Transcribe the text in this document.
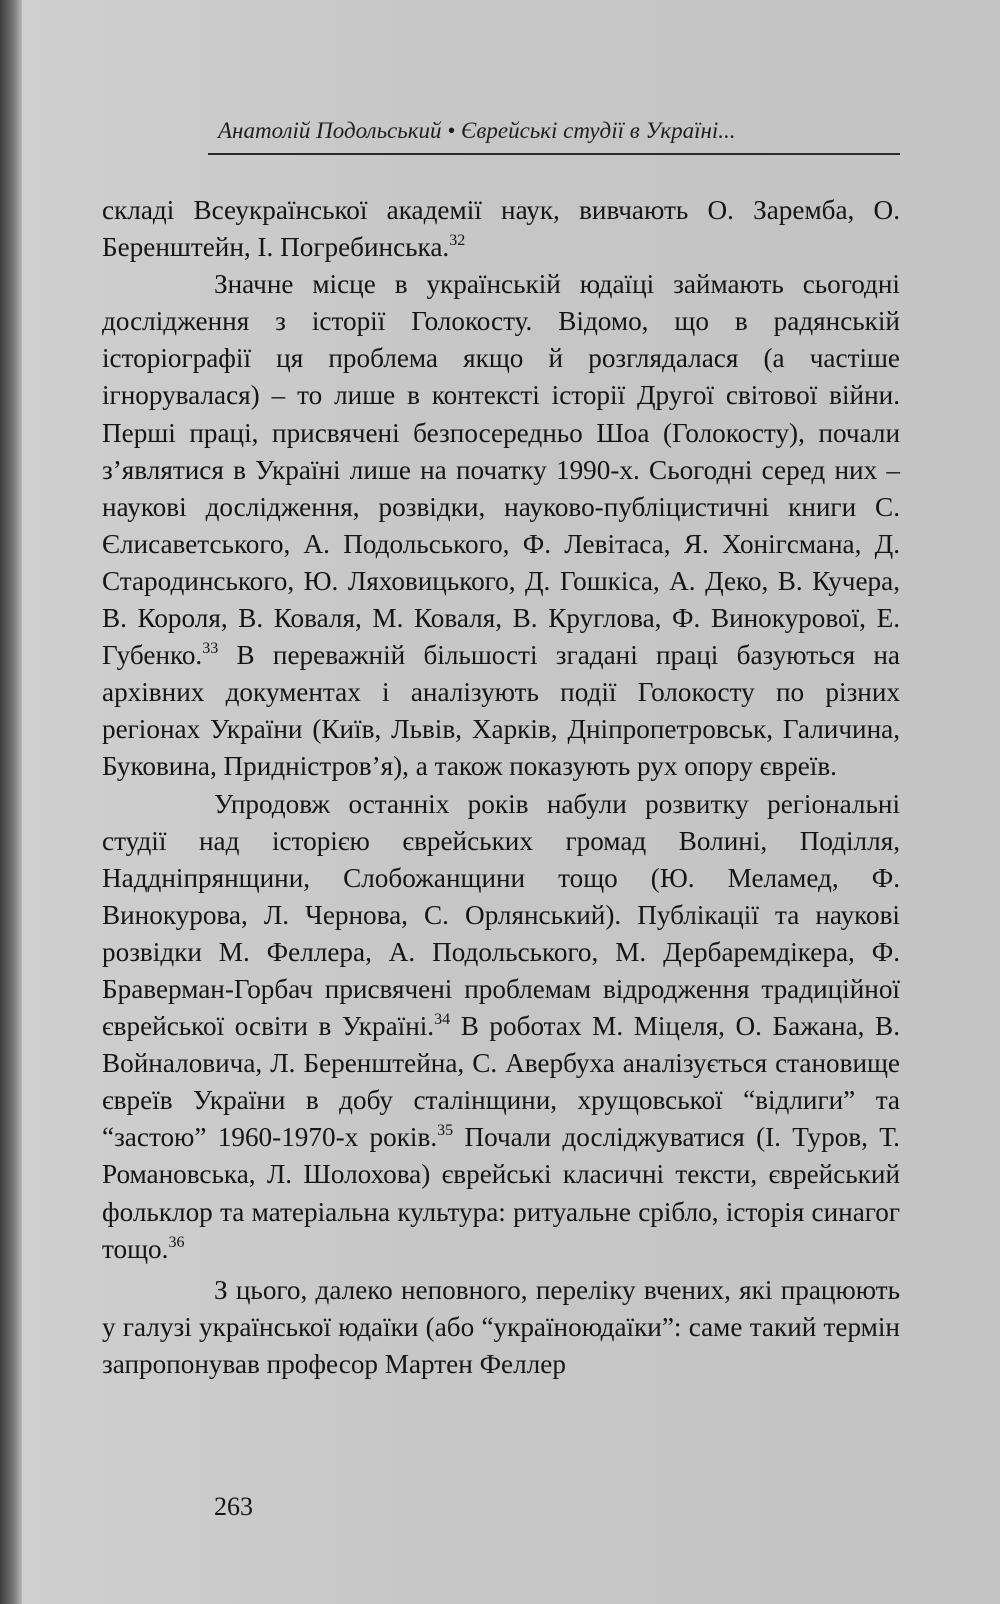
Анатолій Подольський • Єврейські студії в Україні...

складі Всеукраїнської академії наук, вивчають О. Заремба, О. Беренштейн, І. Погребинська.$^{32}$

Значне місце в українській юдаїці займають сьогодні дослідження з історії Голокосту. Відомо, що в радянській історіографії ця проблема якщо й розглядалася (а частіше ігнорувалася) – то лише в контексті історії Другої світової війни. Перші праці, присвячені безпосередньо Шоа (Голокосту), почали з’являтися в Україні лише на початку 1990-х. Сьогодні серед них – наукові дослідження, розвідки, науково-публіцистичні книги С. Єлисаветського, А. Подольського, Ф. Левітаса, Я. Хонігсмана, Д. Стародинського, Ю. Ляховицького, Д. Гошкіса, А. Деко, В. Кучера, В. Короля, В. Коваля, М. Коваля, В. Круглова, Ф. Винокурової, Е. Губенко.$^{33}$ В переважній більшості згадані праці базуються на архівних документах і аналізують події Голокосту по різних регіонах України (Київ, Львів, Харків, Дніпропетровськ, Галичина, Буковина, Придністров’я), а також показують рух опору євреїв.

Упродовж останніх років набули розвитку регіональні студії над історією єврейських громад Волині, Поділля, Наддніпрянщини, Слобожанщини тощо (Ю. Меламед, Ф. Винокурова, Л. Чернова, С. Орлянський). Публікації та наукові розвідки М. Феллера, А. Подольського, М. Дербаремдікера, Ф. Браверман-Горбач присвячені проблемам відродження традиційної єврейської освіти в Україні.$^{34}$ В роботах М. Міцеля, О. Бажана, В. Войналовича, Л. Беренштейна, С. Авербуха аналізується становище євреїв України в добу сталінщини, хрущовської “відлиги” та “застою” 1960-1970-х років.$^{35}$ Почали досліджуватися (І. Туров, Т. Романовська, Л. Шолохова) єврейські класичні тексти, єврейський фольклор та матеріальна культура: ритуальне срібло, історія синагог тощо.$^{36}$

З цього, далеко неповного, переліку вчених, які працюють у галузі української юдаїки (або “україноюдаїки”: саме такий термін запропонував професор Мартен Феллер

263
